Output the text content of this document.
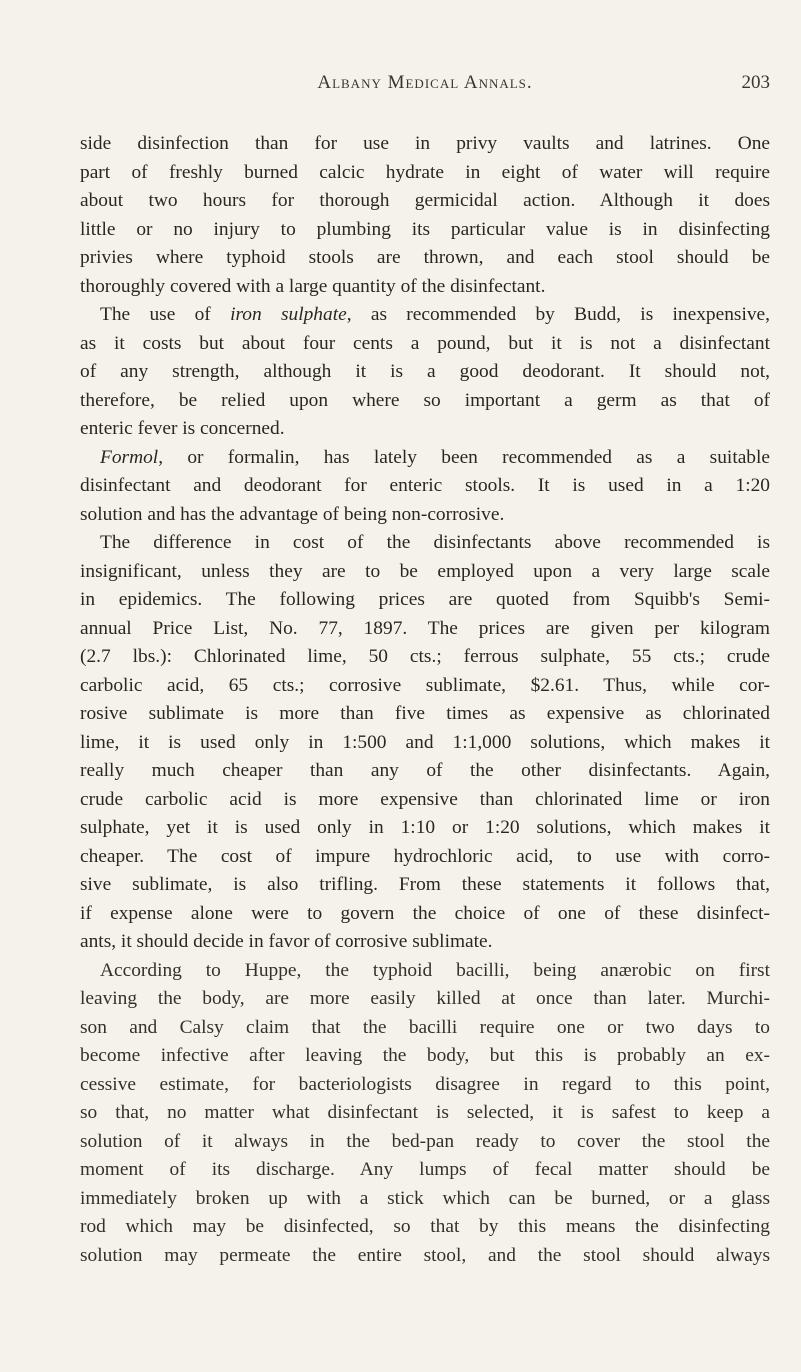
Albany Medical Annals.	203
side disinfection than for use in privy vaults and latrines. One
part of freshly burned calcic hydrate in eight of water will require
about two hours for thorough germicidal action. Although it does
little or no injury to plumbing its particular value is in disinfecting
privies where typhoid stools are thrown, and each stool should be
thoroughly covered with a large quantity of the disinfectant.
The use of iron sulphate, as recommended by Budd, is inexpensive,
as it costs but about four cents a pound, but it is not a disinfectant
of any strength, although it is a good deodorant. It should not,
therefore, be relied upon where so important a germ as that of
enteric fever is concerned.
Formol, or formalin, has lately been recommended as a suitable
disinfectant and deodorant for enteric stools. It is used in a 1:20
solution and has the advantage of being non-corrosive.
The difference in cost of the disinfectants above recommended is
insignificant, unless they are to be employed upon a very large scale
in epidemics. The following prices are quoted from Squibb's Semi-
annual Price List, No. 77, 1897. The prices are given per kilogram
(2.7 lbs.): Chlorinated lime, 50 cts.; ferrous sulphate, 55 cts.; crude
carbolic acid, 65 cts.; corrosive sublimate, $2.61. Thus, while cor-
rosive sublimate is more than five times as expensive as chlorinated
lime, it is used only in 1:500 and 1:1,000 solutions, which makes it
really much cheaper than any of the other disinfectants. Again,
crude carbolic acid is more expensive than chlorinated lime or iron
sulphate, yet it is used only in 1:10 or 1:20 solutions, which makes it
cheaper. The cost of impure hydrochloric acid, to use with corro-
sive sublimate, is also trifling. From these statements it follows that,
if expense alone were to govern the choice of one of these disinfect-
ants, it should decide in favor of corrosive sublimate.
According to Huppe, the typhoid bacilli, being anærobic on first
leaving the body, are more easily killed at once than later. Murchi-
son and Calsy claim that the bacilli require one or two days to
become infective after leaving the body, but this is probably an ex-
cessive estimate, for bacteriologists disagree in regard to this point,
so that, no matter what disinfectant is selected, it is safest to keep a
solution of it always in the bed-pan ready to cover the stool the
moment of its discharge. Any lumps of fecal matter should be
immediately broken up with a stick which can be burned, or a glass
rod which may be disinfected, so that by this means the disinfecting
solution may permeate the entire stool, and the stool should always
